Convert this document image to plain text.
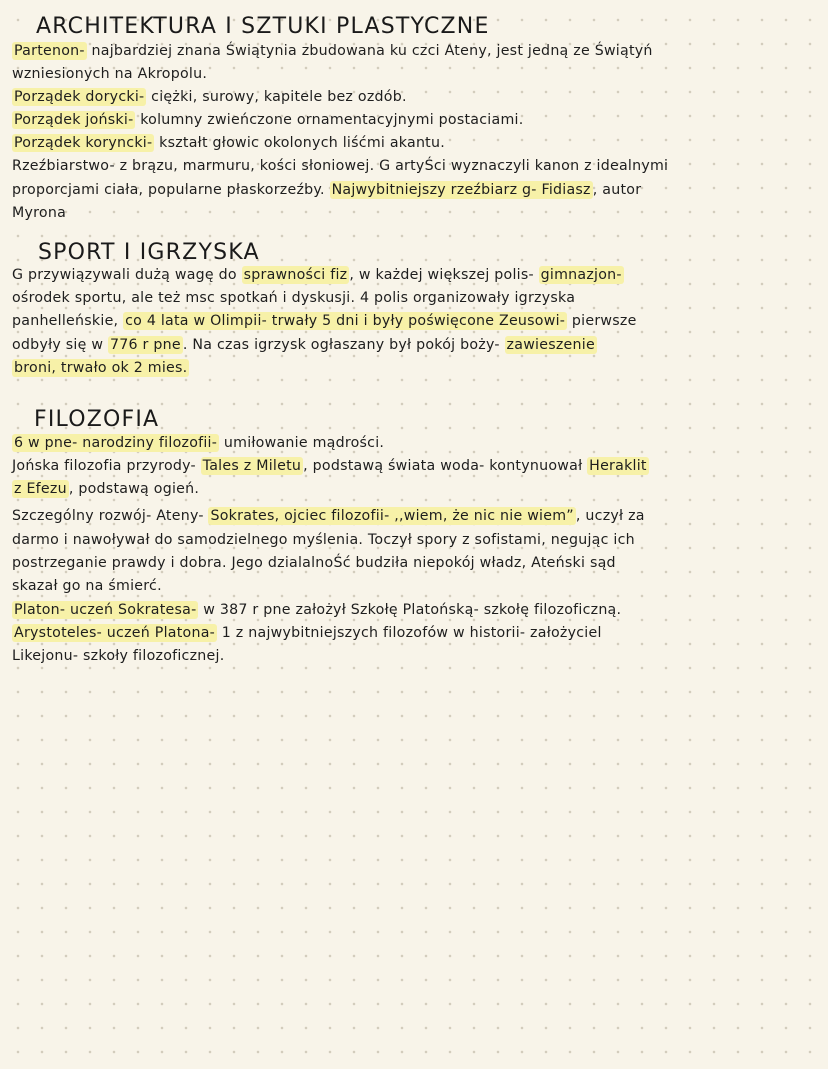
ARCHITEKTURA I SZTUKI PLASTYCZNE

Partenon- najbardziej znana Świątynia zbudowana ku czci Ateny, jest jedną ze Świątyń

wzniesionych na Akropolu.

Porządek dorycki- ciężki, surowy, kapitele bez ozdób.

Porządek joński- kolumny zwieńczone ornamentacyjnymi postaciami.

Porządek koryncki- kształt głowic okolonych liśćmi akantu.

Rzeźbiarstwo- z brązu, marmuru, kości słoniowej. G artyŚci wyznaczyli kanon z idealnymi

proporcjami ciała, popularne płaskorzeźby. Najwybitniejszy rzeźbiarz g- Fidiasz , autor

Myrona

SPORT I IGRZYSKA

G przywiązywali dużą wagę do sprawności fiz , w każdej większej polis- gimnazjon-

ośrodek sportu, ale też msc spotkań i dyskusji. 4 polis organizowały igrzyska

panhelleńskie, co 4 lata w Olimpii- trwały 5 dni i były poświęcone Zeusowi- pierwsze

odbyły się w 776 r pne . Na czas igrzysk ogłaszany był pokój boży- zawieszenie

broni, trwało ok 2 mies.

FILOZOFIA

6 w pne- narodziny filozofii- umiłowanie mądrości.

Jońska filozofia przyrody- Tales z Miletu , podstawą świata woda- kontynuował Heraklit

z Efezu , podstawą ogień.

Szczególny rozwój- Ateny- Sokrates, ojciec filozofii- ,,wiem, że nic nie wiem” , uczył za

darmo i nawoływał do samodzielnego myślenia. Toczył spory z sofistami, negując ich

postrzeganie prawdy i dobra. Jego dzialalnoŚć budziła niepokój władz, Ateński sąd

skazał go na śmierć.

Platon- uczeń Sokratesa- w 387 r pne założył Szkołę Platońską- szkołę filozoficzną.

Arystoteles- uczeń Platona- 1 z najwybitniejszych filozofów w historii- założyciel

Likejonu- szkoły filozoficznej.
